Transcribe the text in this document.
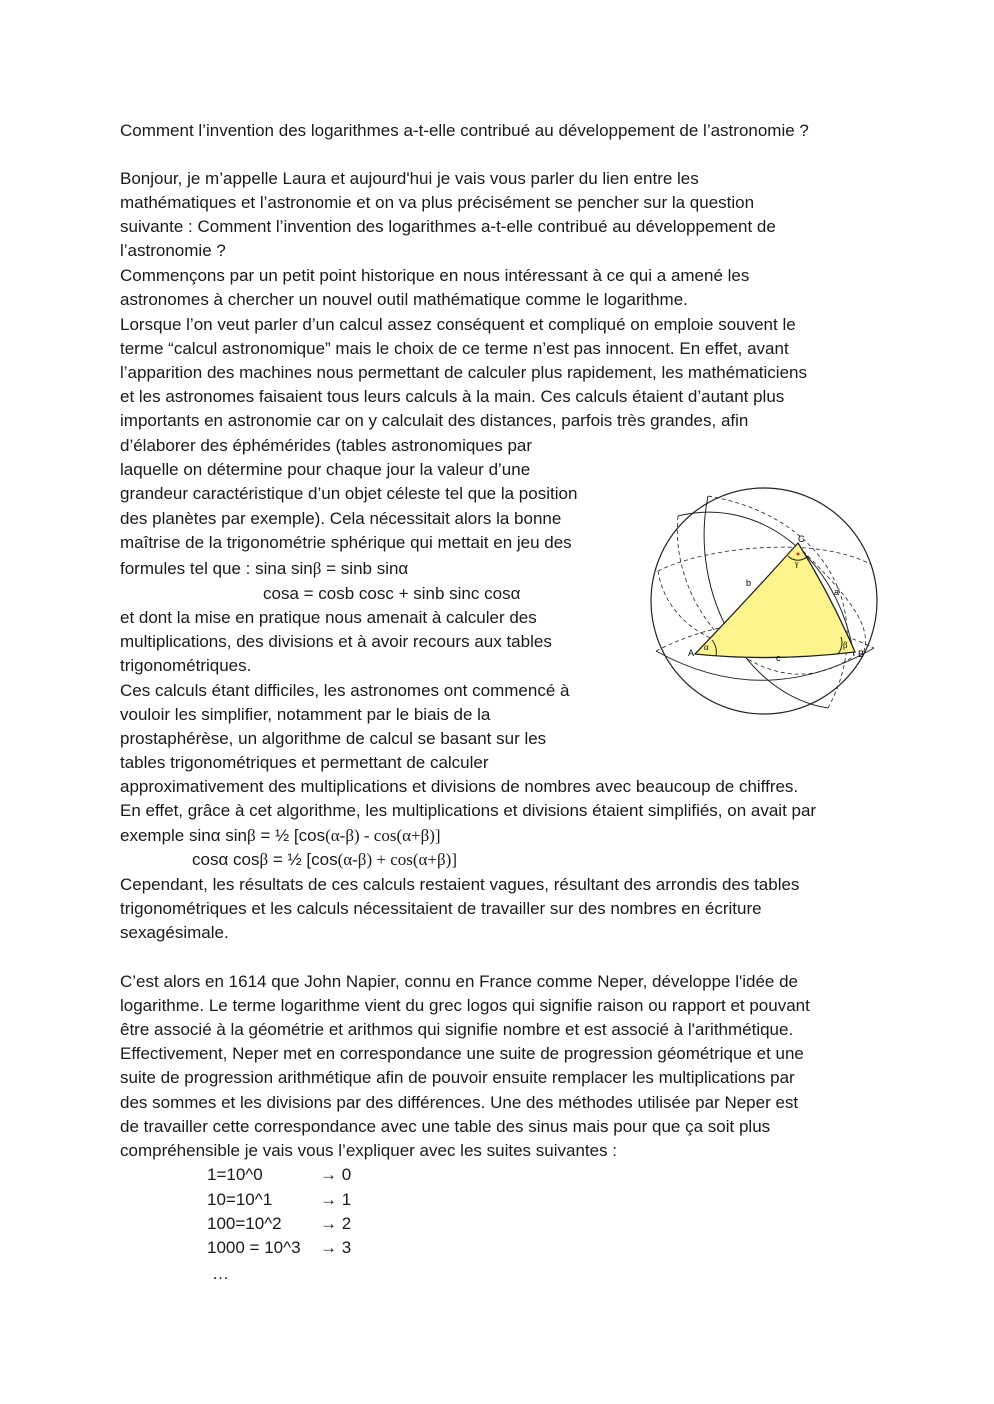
Comment l’invention des logarithmes a-t-elle contribué au développement de l’astronomie ?
Bonjour, je m’appelle Laura et aujourd'hui je vais vous parler du lien entre les
mathématiques et l’astronomie et on va plus précisément se pencher sur la question
suivante : Comment l’invention des logarithmes a-t-elle contribué au développement de
l’astronomie ?
Commençons par un petit point historique en nous intéressant à ce qui a amené les
astronomes à chercher un nouvel outil mathématique comme le logarithme.
Lorsque l’on veut parler d’un calcul assez conséquent et compliqué on emploie souvent le
terme “calcul astronomique” mais le choix de ce terme n’est pas innocent. En effet, avant
l’apparition des machines nous permettant de calculer plus rapidement, les mathématiciens
et les astronomes faisaient tous leurs calculs à la main. Ces calculs étaient d’autant plus
importants en astronomie car on y calculait des distances, parfois très grandes, afin
d’élaborer des éphémérides (tables astronomiques par
laquelle on détermine pour chaque jour la valeur d’une
grandeur caractéristique d’un objet céleste tel que la position
des planètes par exemple). Cela nécessitait alors la bonne
maîtrise de la trigonométrie sphérique qui mettait en jeu des
formules tel que : sina sinβ = sinb sinα
cosa = cosb cosc + sinb sinc cosα
et dont la mise en pratique nous amenait à calculer des
multiplications, des divisions et à avoir recours aux tables
trigonométriques.
Ces calculs étant difficiles, les astronomes ont commencé à
vouloir les simplifier, notamment par le biais de la
prostaphérèse, un algorithme de calcul se basant sur les
tables trigonométriques et permettant de calculer
approximativement des multiplications et divisions de nombres avec beaucoup de chiffres.
En effet, grâce à cet algorithme, les multiplications et divisions étaient simplifiés, on avait par
exemple sinα sinβ = ½ [cos(α-β) - cos(α+β)]
cosα cosβ = ½ [cos(α-β) + cos(α+β)]
Cependant, les résultats de ces calculs restaient vagues, résultant des arrondis des tables
trigonométriques et les calculs nécessitaient de travailler sur des nombres en écriture
sexagésimale.
C’est alors en 1614 que John Napier, connu en France comme Neper, développe l'idée de
logarithme. Le terme logarithme vient du grec logos qui signifie raison ou rapport et pouvant
être associé à la géométrie et arithmos qui signifie nombre et est associé à l'arithmétique.
Effectivement, Neper met en correspondance une suite de progression géométrique et une
suite de progression arithmétique afin de pouvoir ensuite remplacer les multiplications par
des sommes et les divisions par des différences. Une des méthodes utilisée par Neper est
de travailler cette correspondance avec une table des sinus mais pour que ça soit plus
compréhensible je vais vous l’expliquer avec les suites suivantes :
1=10^0	→ 0
10=10^1	→ 1
100=10^2 → 2
1000 = 10^3 → 3
…
A	B
C
a
b
c
α	β
γ
